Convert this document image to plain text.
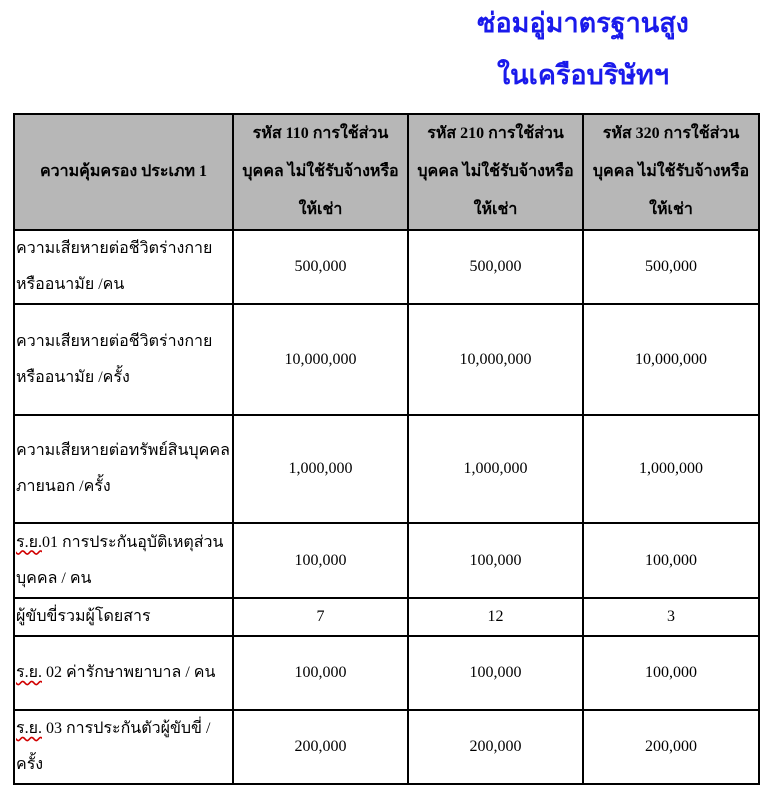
ซ่อมอู่มาตรฐานสูง
ในเครือบริษัทฯ
ความคุ้มครอง ประเภท 1	รหัส 110 การใช้ส่วนบุคคล ไม่ใช้รับจ้างหรือให้เช่า	รหัส 210 การใช้ส่วนบุคคล ไม่ใช้รับจ้างหรือให้เช่า	รหัส 320 การใช้ส่วนบุคคล ไม่ใช้รับจ้างหรือให้เช่า
ความเสียหายต่อชีวิตร่างกาย หรืออนามัย /คน	500,000	500,000	500,000
ความเสียหายต่อชีวิตร่างกาย หรืออนามัย /ครั้ง	10,000,000	10,000,000	10,000,000
ความเสียหายต่อทรัพย์สินบุคคลภายนอก /ครั้ง	1,000,000	1,000,000	1,000,000
ร.ย.01 การประกันอุบัติเหตุส่วนบุคคล / คน	100,000	100,000	100,000
ผู้ขับขี่รวมผู้โดยสาร	7	12	3
ร.ย. 02 ค่ารักษาพยาบาล / คน	100,000	100,000	100,000
ร.ย. 03 การประกันตัวผู้ขับขี่ / ครั้ง	200,000	200,000	200,000
